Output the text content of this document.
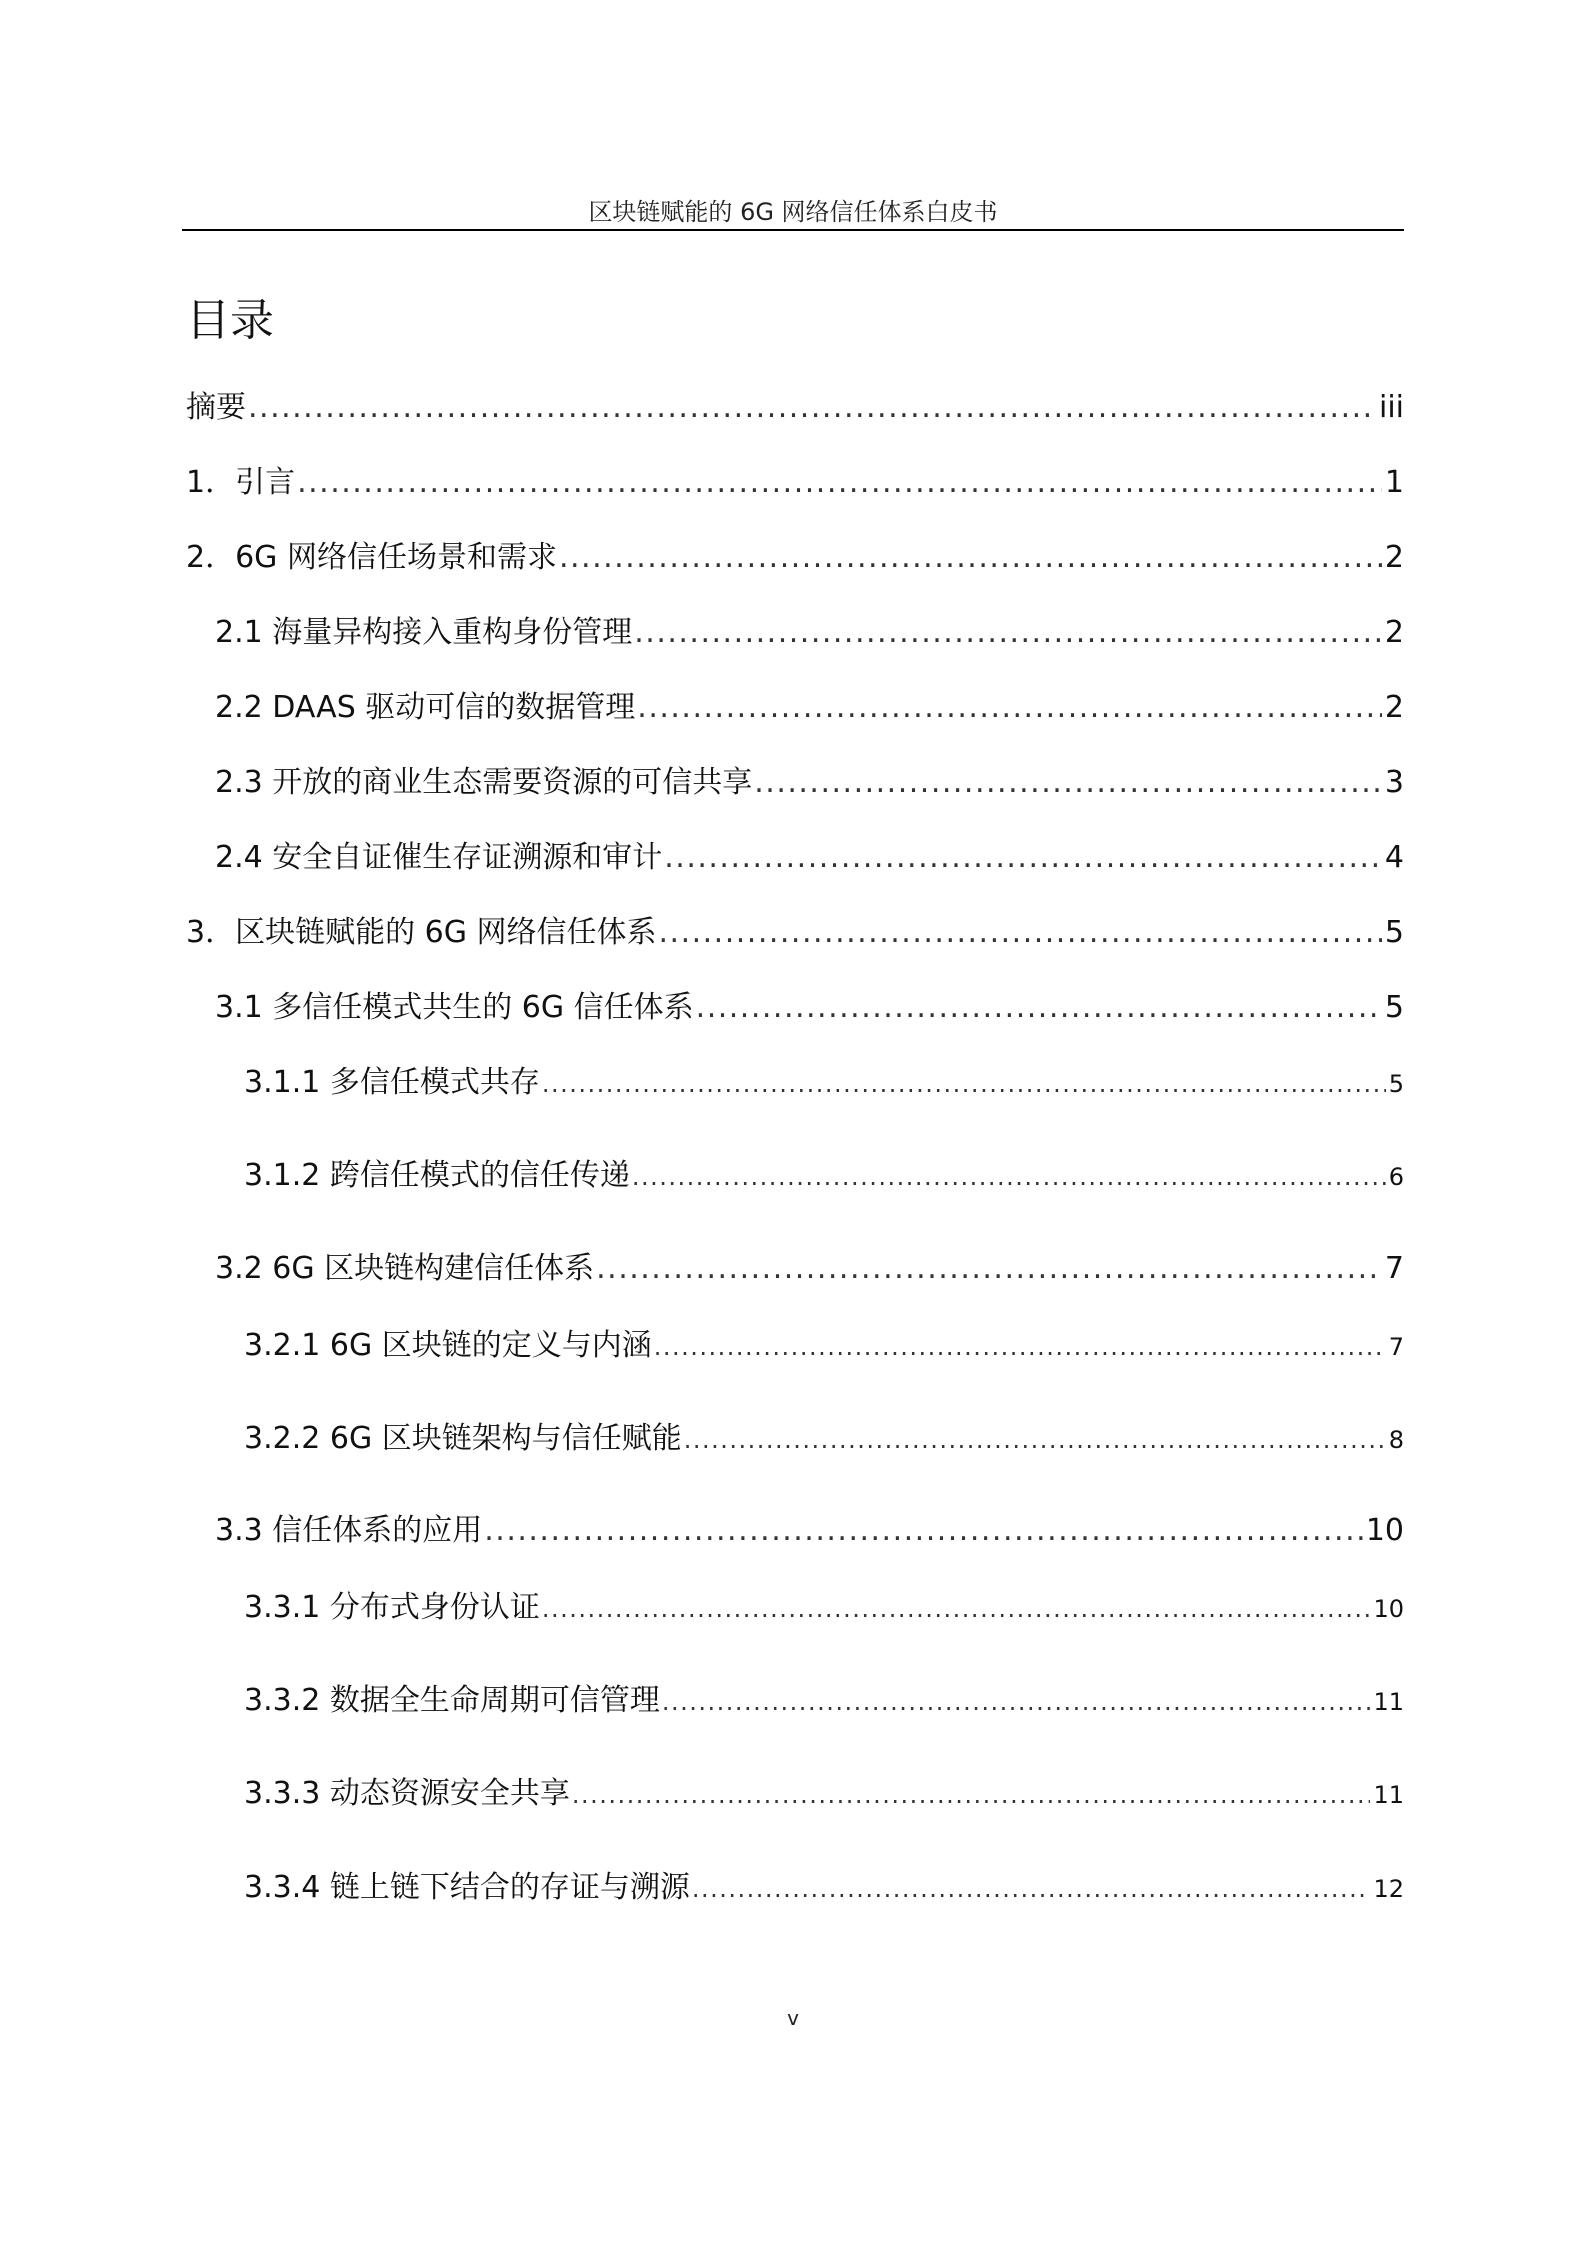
区块链赋能的 6G 网络信任体系白皮书
目录
摘要 .....	iii
1．引言 .....	1
2．6G 网络信任场景和需求 .....	2
2.1 海量异构接入重构身份管理 .....	2
2.2 DAAS 驱动可信的数据管理 .....	2
2.3 开放的商业生态需要资源的可信共享 .....	3
2.4 安全自证催生存证溯源和审计 .....	4
3．区块链赋能的 6G 网络信任体系 .....	5
3.1 多信任模式共生的 6G 信任体系 .....	5
3.1.1 多信任模式共存 .....	5
3.1.2 跨信任模式的信任传递 .....	6
3.2 6G 区块链构建信任体系 .....	7
3.2.1 6G 区块链的定义与内涵 .....	7
3.2.2 6G 区块链架构与信任赋能 .....	8
3.3 信任体系的应用 .....	10
3.3.1 分布式身份认证 .....	10
3.3.2 数据全生命周期可信管理 .....	11
3.3.3 动态资源安全共享 .....	11
3.3.4 链上链下结合的存证与溯源 .....	12
v
